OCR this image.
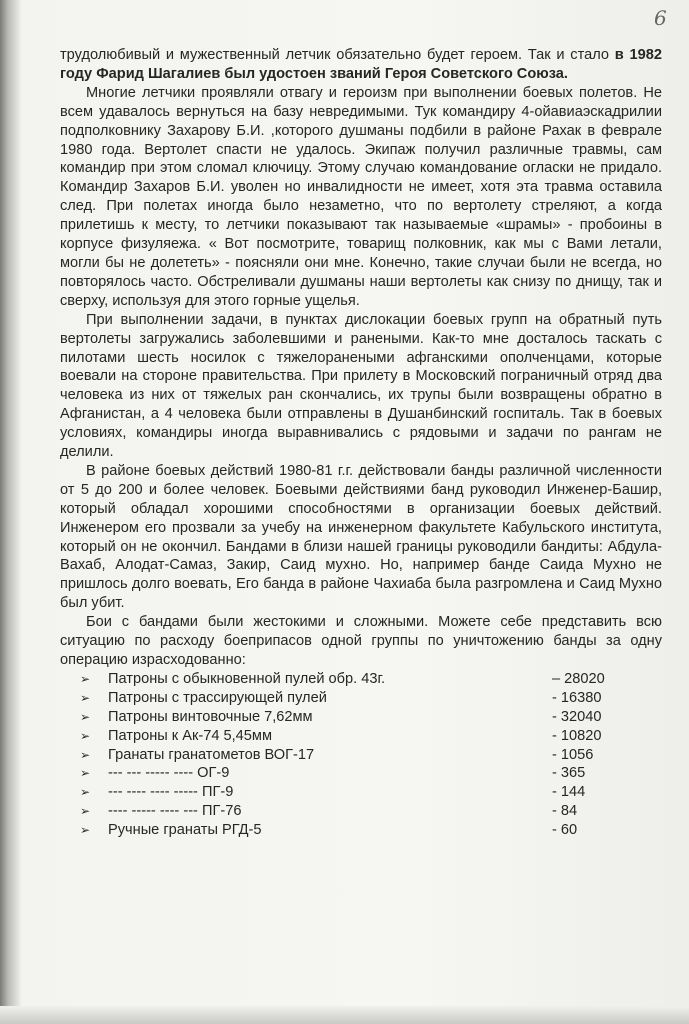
6

трудолюбивый и мужественный летчик обязательно будет героем. Так и стало в 1982 году Фарид Шагалиев был удостоен званий Героя Советского Союза.

Многие летчики проявляли отвагу и героизм при выполнении боевых полетов. Не всем удавалось вернуться на базу невредимыми. Тук командиру 4-ойавиаэскадрилии подполковнику Захарову Б.И. ,которого душманы подбили в районе Рахак в феврале 1980 года. Вертолет спасти не удалось. Экипаж получил различные травмы, сам командир при этом сломал ключицу. Этому случаю командование огласки не придало. Командир Захаров Б.И. уволен но инвалидности не имеет, хотя эта травма оставила след. При полетах иногда было незаметно, что по вертолету стреляют, а когда прилетишь к месту, то летчики показывают так называемые «шрамы» - пробоины в корпусе физуляежа. « Вот посмотрите, товарищ полковник, как мы с Вами летали, могли бы не долететь» - поясняли они мне. Конечно, такие случаи были не всегда, но повторялось часто. Обстреливали душманы наши вертолеты как снизу по днищу, так и сверху, используя для этого горные ущелья.

При выполнении задачи, в пунктах дислокации боевых групп на обратный путь вертолеты загружались заболевшими и ранеными. Как-то мне досталось таскать с пилотами шесть носилок с тяжелоранеными афганскими ополченцами, которые воевали на стороне правительства. При прилету в Московский пограничный отряд два человека из них от тяжелых ран скончались, их трупы были возвращены обратно в Афганистан, а 4 человека были отправлены в Душанбинский госпиталь. Так в боевых условиях, командиры иногда выравнивались с рядовыми и задачи по рангам не делили.

В районе боевых действий 1980-81 г.г. действовали банды различной численности от 5 до 200 и более человек. Боевыми действиями банд руководил Инженер-Башир, который обладал хорошими способностями в организации боевых действий. Инженером его прозвали за учебу на инженерном факультете Кабульского института, который он не окончил. Бандами в близи нашей границы руководили бандиты: Абдула-Вахаб, Алодат-Самаз, Закир, Саид мухно. Но, например банде Саида Мухно не пришлось долго воевать, Его банда в районе Чахиаба была разгромлена и Саид Мухно был убит.

Бои с бандами были жестокими и сложными. Можете себе представить всю ситуацию по расходу боеприпасов одной группы по уничтожению банды за одну операцию израсходованно:

➢	Патроны с обыкновенной пулей обр. 43г.	– 28020
➢	Патроны с трассирующей пулей	- 16380
➢	Патроны винтовочные 7,62мм	- 32040
➢	Патроны к Ак-74 5,45мм	- 10820
➢	Гранаты гранатометов ВОГ-17	- 1056
➢	--- --- ----- ---- ОГ-9	- 365
➢	--- ---- ---- ----- ПГ-9	- 144
➢	---- ----- ---- --- ПГ-76	- 84
➢	Ручные гранаты РГД-5	- 60
